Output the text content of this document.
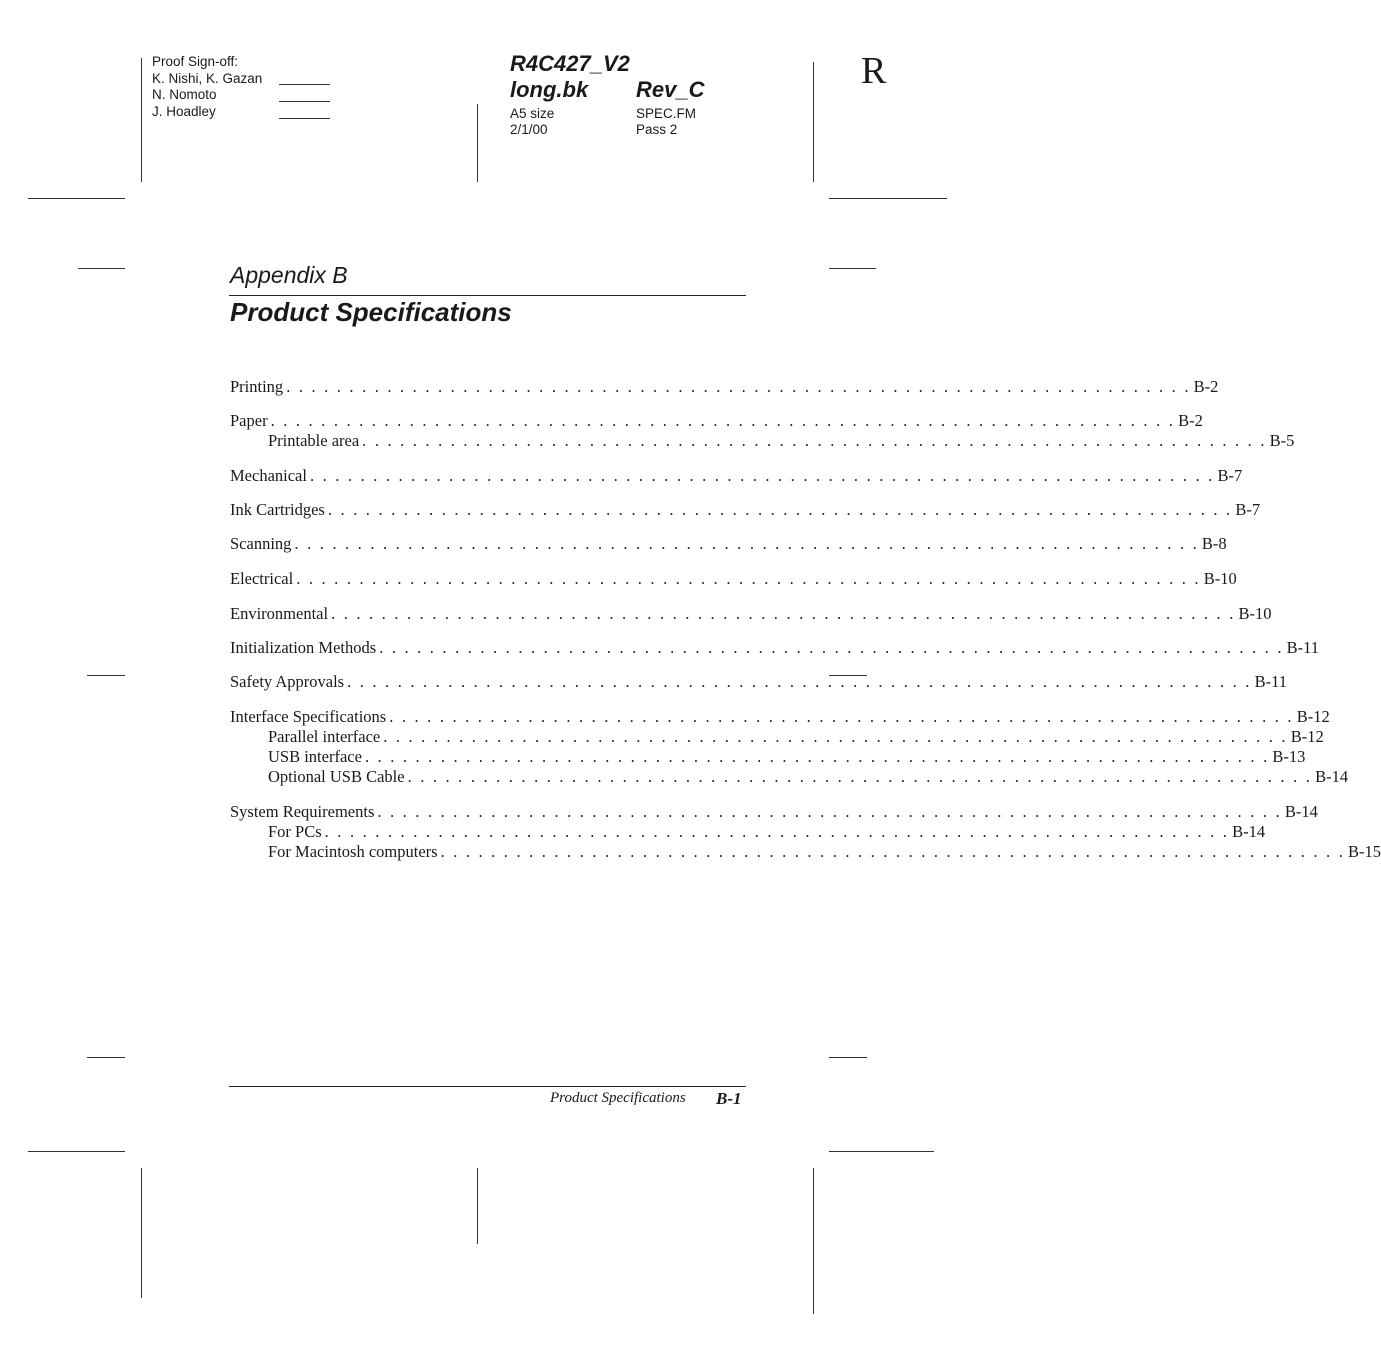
Proof Sign-off:
K. Nishi, K. Gazan
N. Nomoto
J. Hoadley
R4C427_V2
long.bk Rev_C
A5 size	SPEC.FM
2/1/00	Pass 2
R
Appendix B
Product Specifications
Printing . . . . . . . . . . . . . . . . . . . . . . . . . . . . . . . . . . . . . . . . . . . . . . . . . . . . . . . . . . . . . . . . . . . . . . . . B-2
Paper . . . . . . . . . . . . . . . . . . . . . . . . . . . . . . . . . . . . . . . . . . . . . . . . . . . . . . . . . . . . . . . . . . . . . . . . B-2
Printable area . . . . . . . . . . . . . . . . . . . . . . . . . . . . . . . . . . . . . . . . . . . . . . . . . . . . . . . . . . . . . . . . . . . . . . . . B-5
Mechanical . . . . . . . . . . . . . . . . . . . . . . . . . . . . . . . . . . . . . . . . . . . . . . . . . . . . . . . . . . . . . . . . . . . . . . . . B-7
Ink Cartridges . . . . . . . . . . . . . . . . . . . . . . . . . . . . . . . . . . . . . . . . . . . . . . . . . . . . . . . . . . . . . . . . . . . . . . . . B-7
Scanning . . . . . . . . . . . . . . . . . . . . . . . . . . . . . . . . . . . . . . . . . . . . . . . . . . . . . . . . . . . . . . . . . . . . . . . . B-8
Electrical . . . . . . . . . . . . . . . . . . . . . . . . . . . . . . . . . . . . . . . . . . . . . . . . . . . . . . . . . . . . . . . . . . . . . . . . B-10
Environmental . . . . . . . . . . . . . . . . . . . . . . . . . . . . . . . . . . . . . . . . . . . . . . . . . . . . . . . . . . . . . . . . . . . . . . . . B-10
Initialization Methods . . . . . . . . . . . . . . . . . . . . . . . . . . . . . . . . . . . . . . . . . . . . . . . . . . . . . . . . . . . . . . . . . . . . . . . . B-11
Safety Approvals . . . . . . . . . . . . . . . . . . . . . . . . . . . . . . . . . . . . . . . . . . . . . . . . . . . . . . . . . . . . . . . . . . . . . . . . B-11
Interface Specifications . . . . . . . . . . . . . . . . . . . . . . . . . . . . . . . . . . . . . . . . . . . . . . . . . . . . . . . . . . . . . . . . . . . . . . . . B-12
Parallel interface . . . . . . . . . . . . . . . . . . . . . . . . . . . . . . . . . . . . . . . . . . . . . . . . . . . . . . . . . . . . . . . . . . . . . . . . B-12
USB interface . . . . . . . . . . . . . . . . . . . . . . . . . . . . . . . . . . . . . . . . . . . . . . . . . . . . . . . . . . . . . . . . . . . . . . . . B-13
Optional USB Cable . . . . . . . . . . . . . . . . . . . . . . . . . . . . . . . . . . . . . . . . . . . . . . . . . . . . . . . . . . . . . . . . . . . . . . . . B-14
System Requirements . . . . . . . . . . . . . . . . . . . . . . . . . . . . . . . . . . . . . . . . . . . . . . . . . . . . . . . . . . . . . . . . . . . . . . . . B-14
For PCs . . . . . . . . . . . . . . . . . . . . . . . . . . . . . . . . . . . . . . . . . . . . . . . . . . . . . . . . . . . . . . . . . . . . . . . . B-14
For Macintosh computers . . . . . . . . . . . . . . . . . . . . . . . . . . . . . . . . . . . . . . . . . . . . . . . . . . . . . . . . . . . . . . . . . . . . . . . . B-15
Product Specifications B-1
